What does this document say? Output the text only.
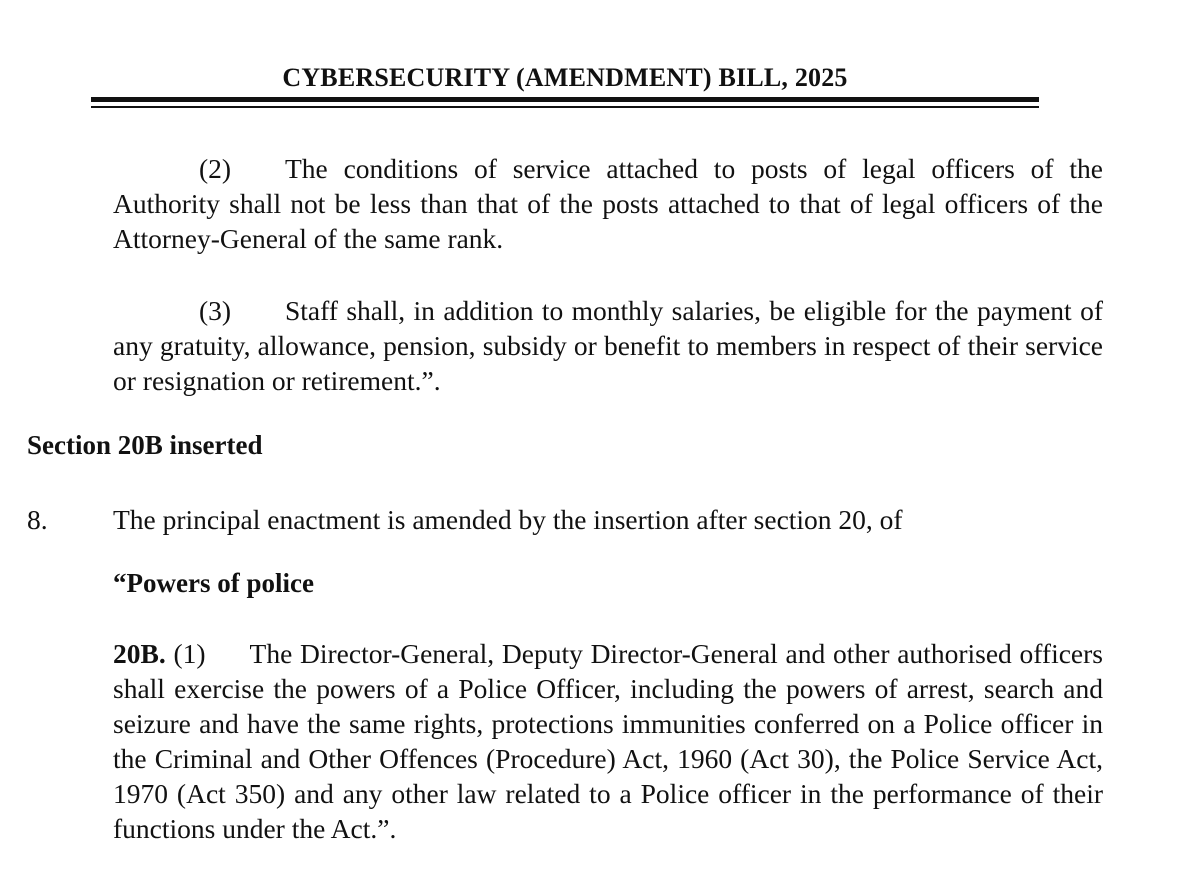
CYBERSECURITY (AMENDMENT) BILL, 2025

(2) The conditions of service attached to posts of legal officers of the Authority shall not be less than that of the posts attached to that of legal officers of the Attorney-General of the same rank.

(3) Staff shall, in addition to monthly salaries, be eligible for the payment of any gratuity, allowance, pension, subsidy or benefit to members in respect of their service or resignation or retirement.”.

Section 20B inserted

8. The principal enactment is amended by the insertion after section 20, of

“Powers of police

20B. (1) The Director-General, Deputy Director-General and other authorised officers shall exercise the powers of a Police Officer, including the powers of arrest, search and seizure and have the same rights, protections immunities conferred on a Police officer in the Criminal and Other Offences (Procedure) Act, 1960 (Act 30), the Police Service Act, 1970 (Act 350) and any other law related to a Police officer in the performance of their functions under the Act.”.
